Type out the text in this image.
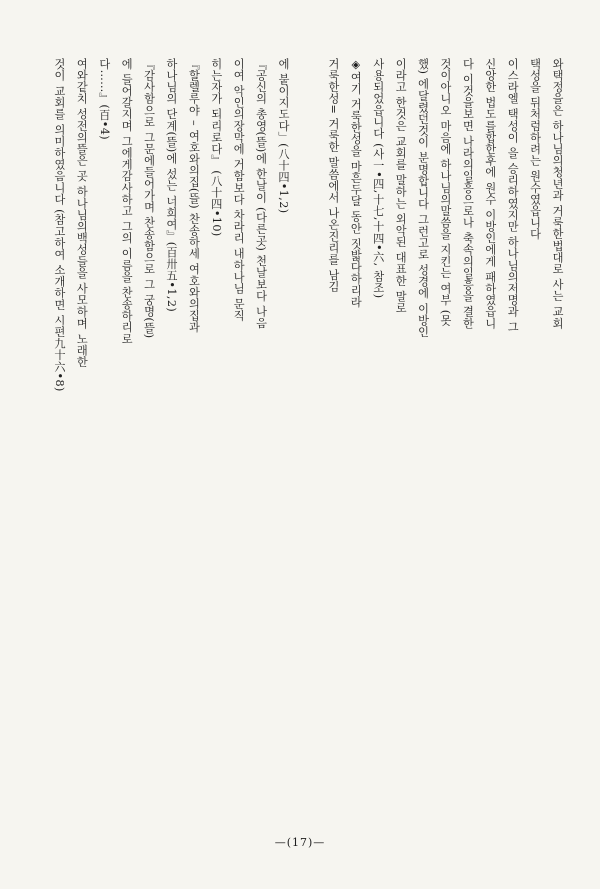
와택정을은 하나님의청년과 거룩한법대로 사는 교회
택성을 뒤처럼하려는 원수였읍니다
이스라엘 택성이 을 승리하였지만 하나님의저명과 그
신앙한 법도를합한후에 원수 이방인에게 패하였읍니
다 이것을보면 나라의일흥으로나 축속의일흥을 결한
것이아니오 마음에 하나님의말씀을 지킨는 여부 (못
했) 에달렸던것이 분명합니다 그런고로 성경에 이방인
이라고 한것은 교회를 말하는 외악된 대표한 말로
사용되었읍니다 (사一•四,十七,十四•六, 참조)
◈여기 거룩한성을 마흔두달 동안 짓밟다하리라
거룩한성= 거룩한 말씀에서 나온진리를 남김
에 붙이지도다」(八十四•1,2)
『공신의 총영(뜰)에 한날이 (다른곳) 천날보다 나음
이여 악인의장막에 거함보다 차라리 내하나님 문직
히는자가 되리로다』 (八十四•10)
『할렐루야 – 여호와의집(뜰) 찬송하세 여호와의집과
하나님의 단계(뜰)에 섰는 너희여』(百卅五•1,2)
『감사함으로 그문에들어가며 찬송함으로 그 궁명(뜰)
에 들어갈지며 그에게감사하고 그의 이름을 찬송하리로
다……』(百•4)
여와같치 성전의뜰은 곳 하나님의백성들을 사모하며 노래한
것이 교회를 의미하였음니다 (참고하여 소개하면 시편九十六•8)
—(17)—
